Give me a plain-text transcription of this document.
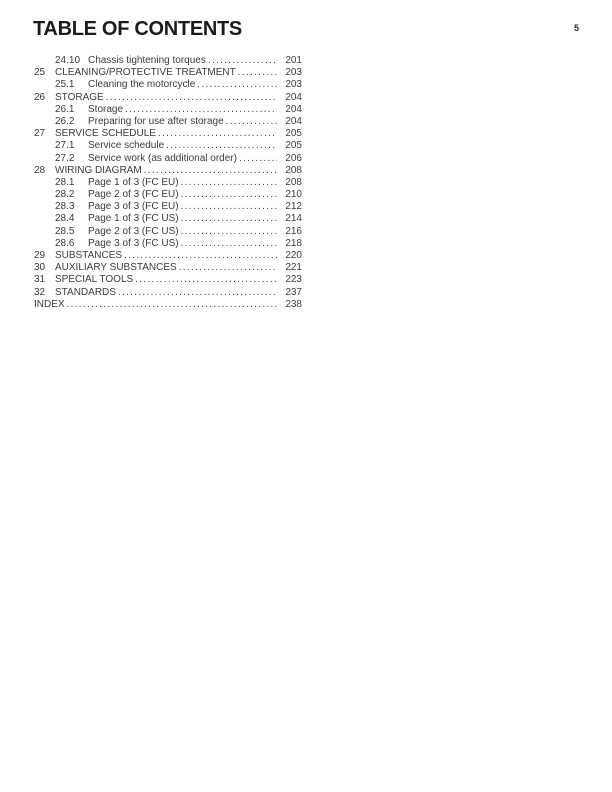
TABLE OF CONTENTS	5
24.10 Chassis tightening torques .....	201
25 CLEANING/PROTECTIVE TREATMENT .....	203
25.1	Cleaning the motorcycle .....	203
26 STORAGE .....	204
26.1	Storage .....	204
26.2	Preparing for use after storage .....	204
27 SERVICE SCHEDULE .....	205
27.1	Service schedule .....	205
27.2	Service work (as additional order) .....	206
28 WIRING DIAGRAM .....	208
28.1	Page 1 of 3 (FC EU) .....	208
28.2	Page 2 of 3 (FC EU) .....	210
28.3	Page 3 of 3 (FC EU) .....	212
28.4	Page 1 of 3 (FC US) .....	214
28.5	Page 2 of 3 (FC US) .....	216
28.6	Page 3 of 3 (FC US) .....	218
29 SUBSTANCES .....	220
30 AUXILIARY SUBSTANCES .....	221
31 SPECIAL TOOLS .....	223
32 STANDARDS .....	237
INDEX .....	238
